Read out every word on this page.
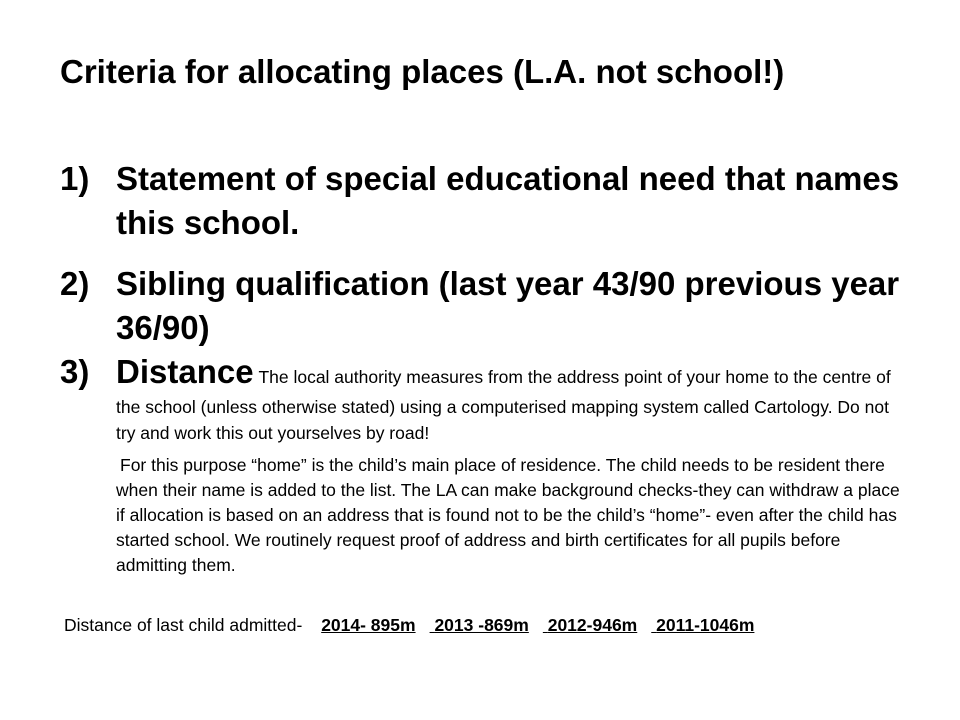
Criteria for allocating places (L.A. not school!)
1) Statement of special educational need that names this school.
2) Sibling qualification (last year 43/90 previous year 36/90)
3) Distance The local authority measures from the address point of your home to the centre of the school (unless otherwise stated) using a computerised mapping system called Cartology. Do not try and work this out yourselves by road!

For this purpose “home” is the child’s main place of residence. The child needs to be resident there when their name is added to the list. The LA can make background checks-they can withdraw a place if allocation is based on an address that is found not to be the child’s “home”- even after the child has started school. We routinely request proof of address and birth certificates for all pupils before admitting them.

Distance of last child admitted- 2014- 895m 2013 -869m 2012-946m 2011-1046m
